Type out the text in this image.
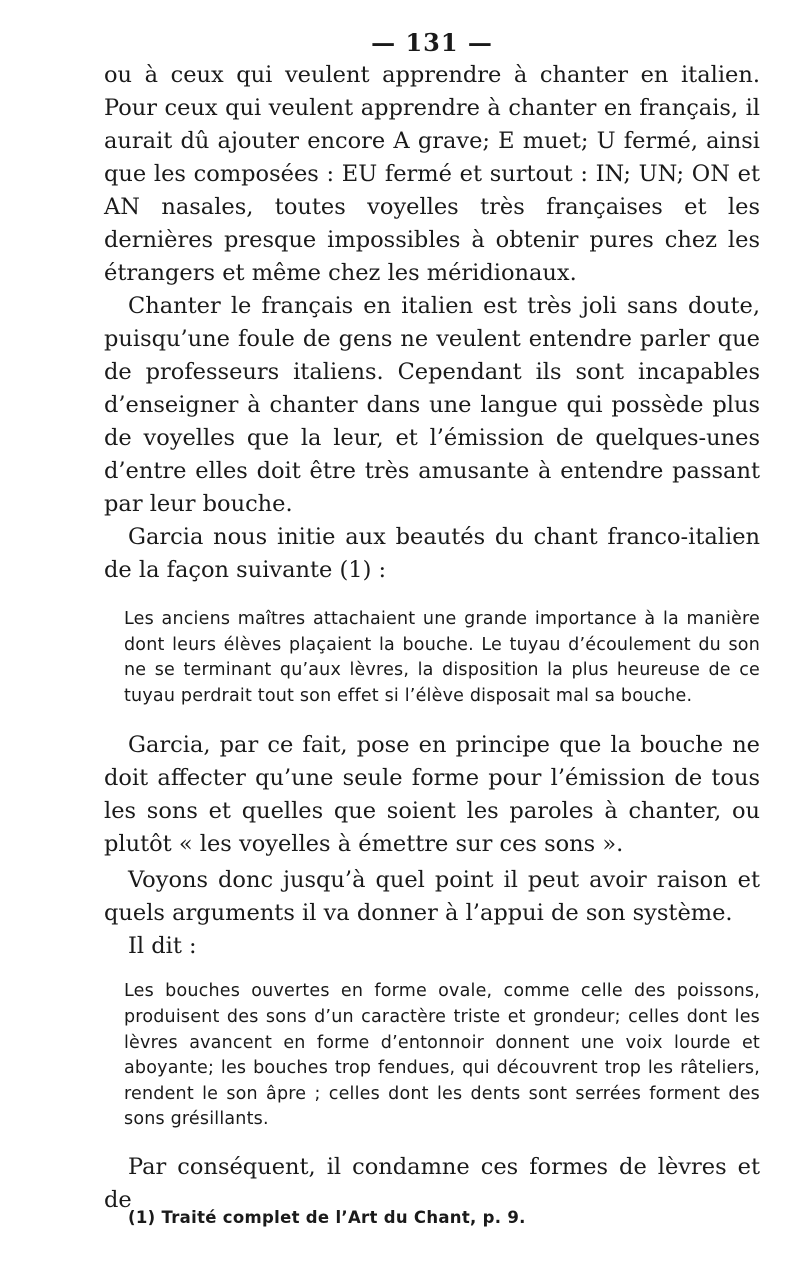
— 131 —

ou à ceux qui veulent apprendre à chanter en italien. Pour ceux qui veulent apprendre à chanter en français, il aurait dû ajouter encore A grave; E muet; U fermé, ainsi que les composées : EU fermé et surtout : IN; UN; ON et AN nasales, toutes voyelles très françaises et les dernières presque impossibles à obtenir pures chez les étrangers et même chez les méridionaux.

Chanter le français en italien est très joli sans doute, puisqu’une foule de gens ne veulent entendre parler que de professeurs italiens. Cependant ils sont incapables d’enseigner à chanter dans une langue qui possède plus de voyelles que la leur, et l’émission de quelques-unes d’entre elles doit être très amusante à entendre passant par leur bouche.

Garcia nous initie aux beautés du chant franco-italien de la façon suivante (1) :

Les anciens maîtres attachaient une grande importance à la manière dont leurs élèves plaçaient la bouche. Le tuyau d’écoulement du son ne se terminant qu’aux lèvres, la disposition la plus heureuse de ce tuyau perdrait tout son effet si l’élève disposait mal sa bouche.

Garcia, par ce fait, pose en principe que la bouche ne doit affecter qu’une seule forme pour l’émission de tous les sons et quelles que soient les paroles à chanter, ou plutôt « les voyelles à émettre sur ces sons ».

Voyons donc jusqu’à quel point il peut avoir raison et quels arguments il va donner à l’appui de son système.

Il dit :

Les bouches ouvertes en forme ovale, comme celle des poissons, produisent des sons d’un caractère triste et grondeur; celles dont les lèvres avancent en forme d’entonnoir donnent une voix lourde et aboyante; les bouches trop fendues, qui découvrent trop les râteliers, rendent le son âpre ; celles dont les dents sont serrées forment des sons grésillants.

Par conséquent, il condamne ces formes de lèvres et de

(1) Traité complet de l’Art du Chant, p. 9.
